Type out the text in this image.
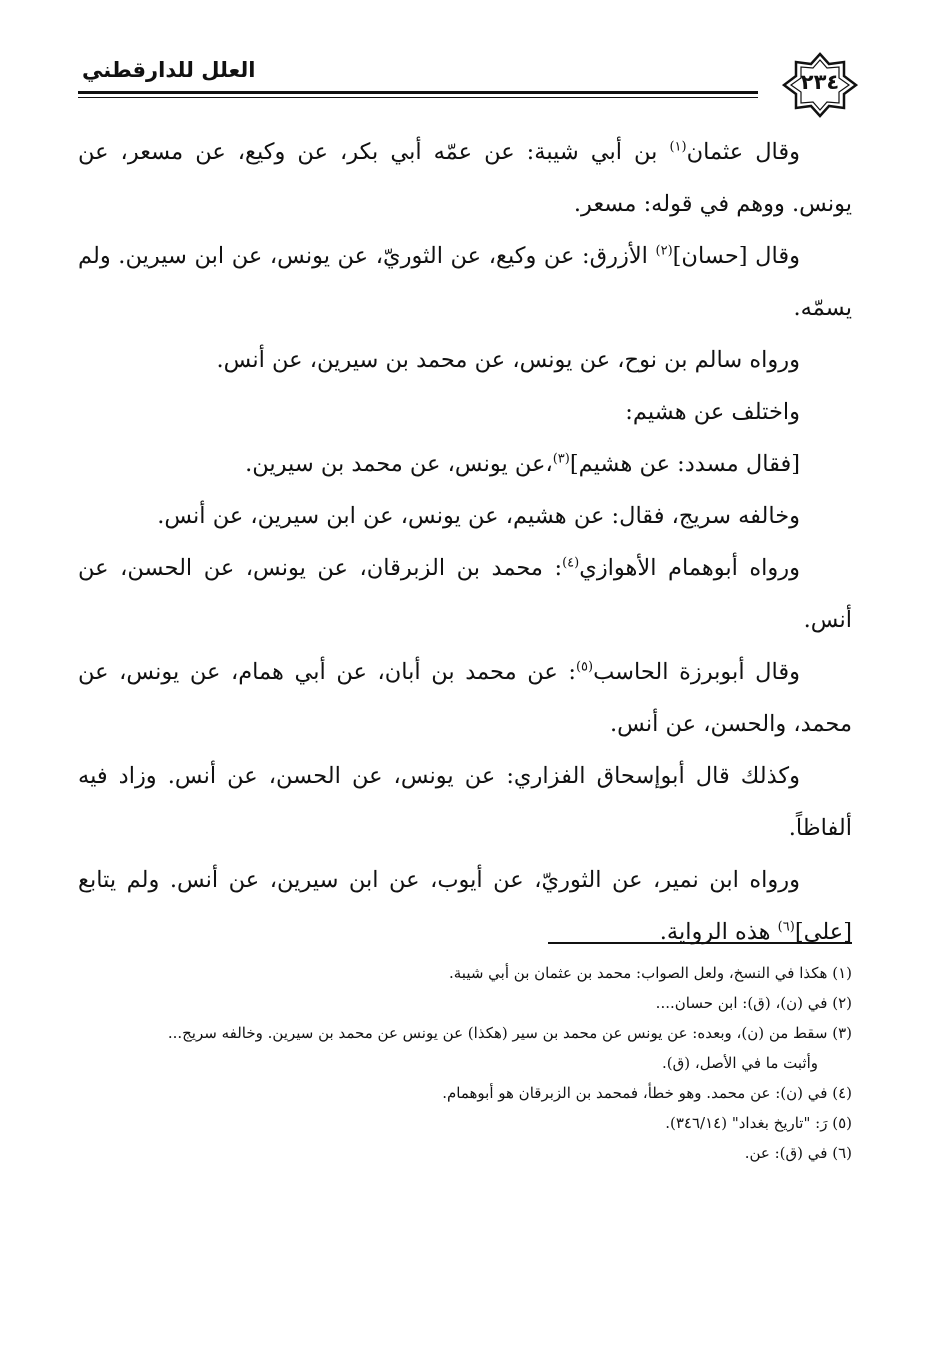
العلل للدارقطني	٢٣٤

وقال عثمان$^{(١)}$ بن أبي شيبة: عن عمّه أبي بكر، عن وكيع، عن مسعر، عن يونس. ووهم في قوله: مسعر.

وقال [حسان]$^{(٢)}$ الأزرق: عن وكيع، عن الثوريّ، عن يونس، عن ابن سيرين. ولم يسمّه.

ورواه سالم بن نوح، عن يونس، عن محمد بن سيرين، عن أنس.

واختلف عن هشيم:

[فقال مسدد: عن هشيم]$^{(٣)}$،عن يونس، عن محمد بن سيرين.

وخالفه سريج، فقال: عن هشيم، عن يونس، عن ابن سيرين، عن أنس.

ورواه أبوهمام الأهوازي$^{(٤)}$: محمد بن الزبرقان، عن يونس، عن الحسن، عن أنس.

وقال أبوبرزة الحاسب$^{(٥)}$: عن محمد بن أبان، عن أبي همام، عن يونس، عن محمد، والحسن، عن أنس.

وكذلك قال أبوإسحاق الفزاري: عن يونس، عن الحسن، عن أنس. وزاد فيه ألفاظاً.

ورواه ابن نمير، عن الثوريّ، عن أيوب، عن ابن سيرين، عن أنس. ولم يتابع [على]$^{(٦)}$ هذه الرواية.

(١) هكذا في النسخ، ولعل الصواب: محمد بن عثمان بن أبي شيبة.

(٢) في (ن)، (ق): ابن حسان....

(٣) سقط من (ن)، وبعده: عن يونس عن محمد بن سير (هكذا) عن يونس عن محمد بن سيرين. وخالفه سريج...

وأثبت ما في الأصل، (ق).

(٤) في (ن): عن محمد. وهو خطأ، فمحمد بن الزبرقان هو أبوهمام.

(٥) رَ: "تاريخ بغداد" (٣٤٦/١٤).

(٦) في (ق): عن.
